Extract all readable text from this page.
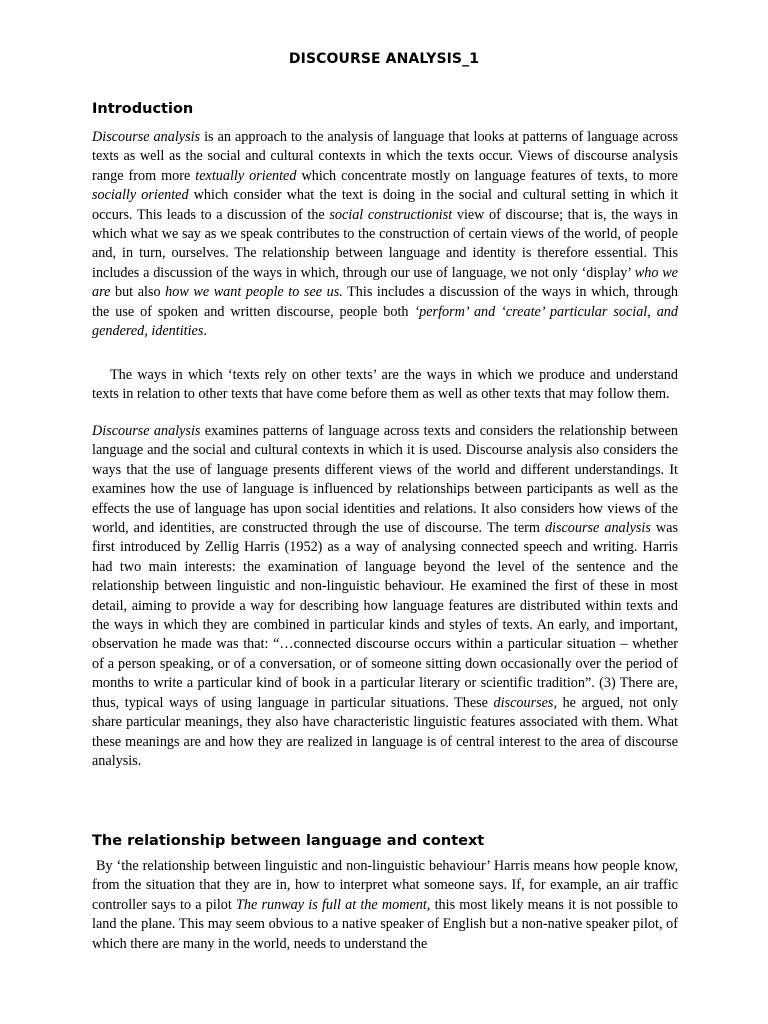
DISCOURSE ANALYSIS_1
Introduction

Discourse analysis is an approach to the analysis of language that looks at patterns of language across texts as well as the social and cultural contexts in which the texts occur. Views of discourse analysis range from more textually oriented which concentrate mostly on language features of texts, to more socially oriented which consider what the text is doing in the social and cultural setting in which it occurs. This leads to a discussion of the social constructionist view of discourse; that is, the ways in which what we say as we speak contributes to the construction of certain views of the world, of people and, in turn, ourselves. The relationship between language and identity is therefore essential. This includes a discussion of the ways in which, through our use of language, we not only ‘display’ who we are but also how we want people to see us. This includes a discussion of the ways in which, through the use of spoken and written discourse, people both ‘perform’ and ‘create’ particular social, and gendered, identities.

The ways in which ‘texts rely on other texts’ are the ways in which we produce and understand texts in relation to other texts that have come before them as well as other texts that may follow them.

Discourse analysis examines patterns of language across texts and considers the relationship between language and the social and cultural contexts in which it is used. Discourse analysis also considers the ways that the use of language presents different views of the world and different understandings. It examines how the use of language is influenced by relationships between participants as well as the effects the use of language has upon social identities and relations. It also considers how views of the world, and identities, are constructed through the use of discourse. The term discourse analysis was first introduced by Zellig Harris (1952) as a way of analysing connected speech and writing. Harris had two main interests: the examination of language beyond the level of the sentence and the relationship between linguistic and non-linguistic behaviour. He examined the first of these in most detail, aiming to provide a way for describing how language features are distributed within texts and the ways in which they are combined in particular kinds and styles of texts. An early, and important, observation he made was that: “…connected discourse occurs within a particular situation – whether of a person speaking, or of a conversation, or of someone sitting down occasionally over the period of months to write a particular kind of book in a particular literary or scientific tradition”. (3) There are, thus, typical ways of using language in particular situations. These discourses, he argued, not only share particular meanings, they also have characteristic linguistic features associated with them. What these meanings are and how they are realized in language is of central interest to the area of discourse analysis.

The relationship between language and context

By ‘the relationship between linguistic and non-linguistic behaviour’ Harris means how people know, from the situation that they are in, how to interpret what someone says. If, for example, an air traffic controller says to a pilot The runway is full at the moment, this most likely means it is not possible to land the plane. This may seem obvious to a native speaker of English but a non-native speaker pilot, of which there are many in the world, needs to understand the
